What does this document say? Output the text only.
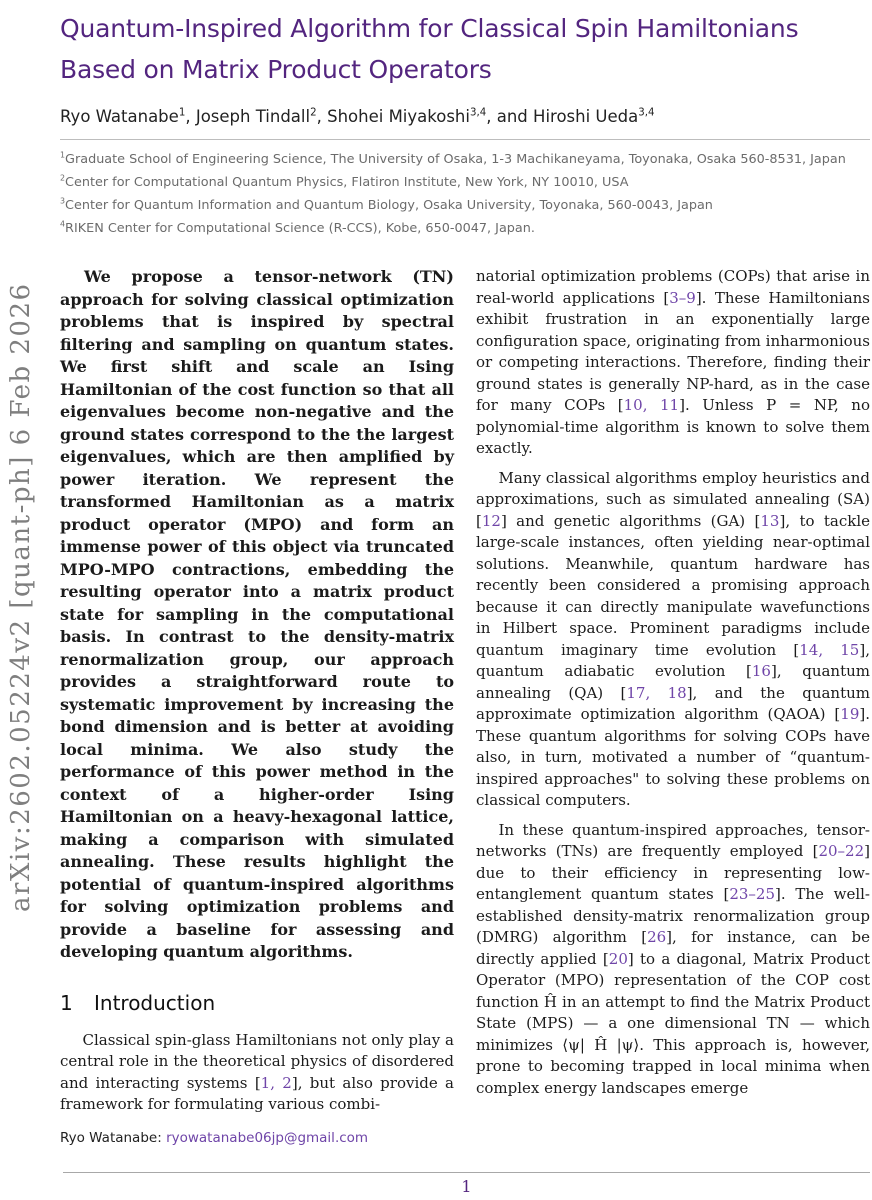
arXiv:2602.05224v2 [quant-ph] 6 Feb 2026
Quantum-Inspired Algorithm for Classical Spin Hamiltonians
Based on Matrix Product Operators
Ryo Watanabe$^1$, Joseph Tindall$^2$, Shohei Miyakoshi$^{3,4}$, and Hiroshi Ueda$^{3,4}$
$^1$Graduate School of Engineering Science, The University of Osaka, 1-3 Machikaneyama, Toyonaka, Osaka 560-8531, Japan
$^2$Center for Computational Quantum Physics, Flatiron Institute, New York, NY 10010, USA
$^3$Center for Quantum Information and Quantum Biology, Osaka University, Toyonaka, 560-0043, Japan
$^4$RIKEN Center for Computational Science (R-CCS), Kobe, 650-0047, Japan.

We propose a tensor-network (TN) approach for solving classical optimization problems that is inspired by spectral filtering and sampling on quantum states. We first shift and scale an Ising Hamiltonian of the cost function so that all eigenvalues become non-negative and the ground states correspond to the the largest eigenvalues, which are then amplified by power iteration. We represent the transformed Hamiltonian as a matrix product operator (MPO) and form an immense power of this object via truncated MPO-MPO contractions, embedding the resulting operator into a matrix product state for sampling in the computational basis. In contrast to the density-matrix renormalization group, our approach provides a straightforward route to systematic improvement by increasing the bond dimension and is better at avoiding local minima. We also study the performance of this power method in the context of a higher-order Ising Hamiltonian on a heavy-hexagonal lattice, making a comparison with simulated annealing. These results highlight the potential of quantum-inspired algorithms for solving optimization problems and provide a baseline for assessing and developing quantum algorithms.

1 Introduction

Classical spin-glass Hamiltonians not only play a central role in the theoretical physics of disordered and interacting systems [1, 2], but also provide a framework for formulating various combi-

Ryo Watanabe: ryowatanabe06jp@gmail.com

natorial optimization problems (COPs) that arise in real-world applications [3–9]. These Hamiltonians exhibit frustration in an exponentially large configuration space, originating from inharmonious or competing interactions. Therefore, finding their ground states is generally NP-hard, as in the case for many COPs [10, 11]. Unless P = NP, no polynomial-time algorithm is known to solve them exactly.

Many classical algorithms employ heuristics and approximations, such as simulated annealing (SA) [12] and genetic algorithms (GA) [13], to tackle large-scale instances, often yielding near-optimal solutions. Meanwhile, quantum hardware has recently been considered a promising approach because it can directly manipulate wavefunctions in Hilbert space. Prominent paradigms include quantum imaginary time evolution [14, 15], quantum adiabatic evolution [16], quantum annealing (QA) [17, 18], and the quantum approximate optimization algorithm (QAOA) [19]. These quantum algorithms for solving COPs have also, in turn, motivated a number of “quantum-inspired approaches" to solving these problems on classical computers.

In these quantum-inspired approaches, tensor-networks (TNs) are frequently employed [20–22] due to their efficiency in representing low-entanglement quantum states [23–25]. The well-established density-matrix renormalization group (DMRG) algorithm [26], for instance, can be directly applied [20] to a diagonal, Matrix Product Operator (MPO) representation of the COP cost function Ĥ in an attempt to find the Matrix Product State (MPS) — a one dimensional TN — which minimizes ⟨ψ| Ĥ |ψ⟩. This approach is, however, prone to becoming trapped in local minima when complex energy landscapes emerge

1
